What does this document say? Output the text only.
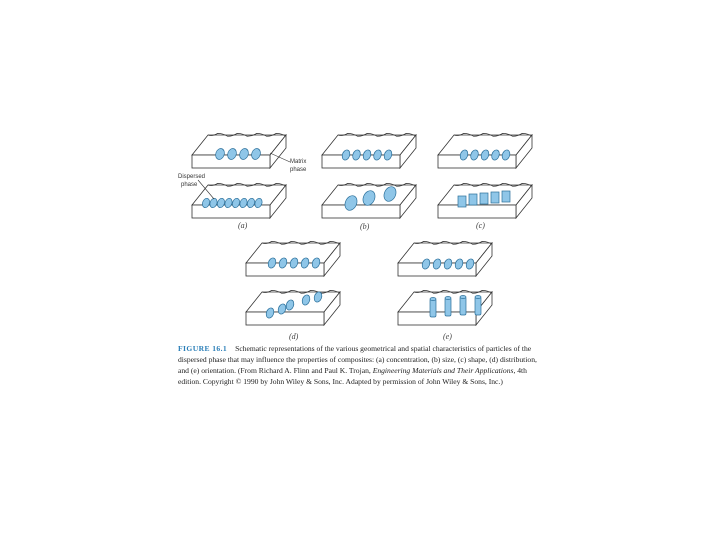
(a)	(b)	(c)
(d)	(e)
Matrix
phase
Dispersed
phase

FIGURE 16.1 Schematic representations of the various geometrical and spatial characteristics of particles of the dispersed phase that may influence the properties of composites: (a) concentration, (b) size, (c) shape, (d) distribution, and (e) orientation. (From Richard A. Flinn and Paul K. Trojan, Engineering Materials and Their Applications, 4th edition. Copyright © 1990 by John Wiley & Sons, Inc. Adapted by permission of John Wiley & Sons, Inc.)
